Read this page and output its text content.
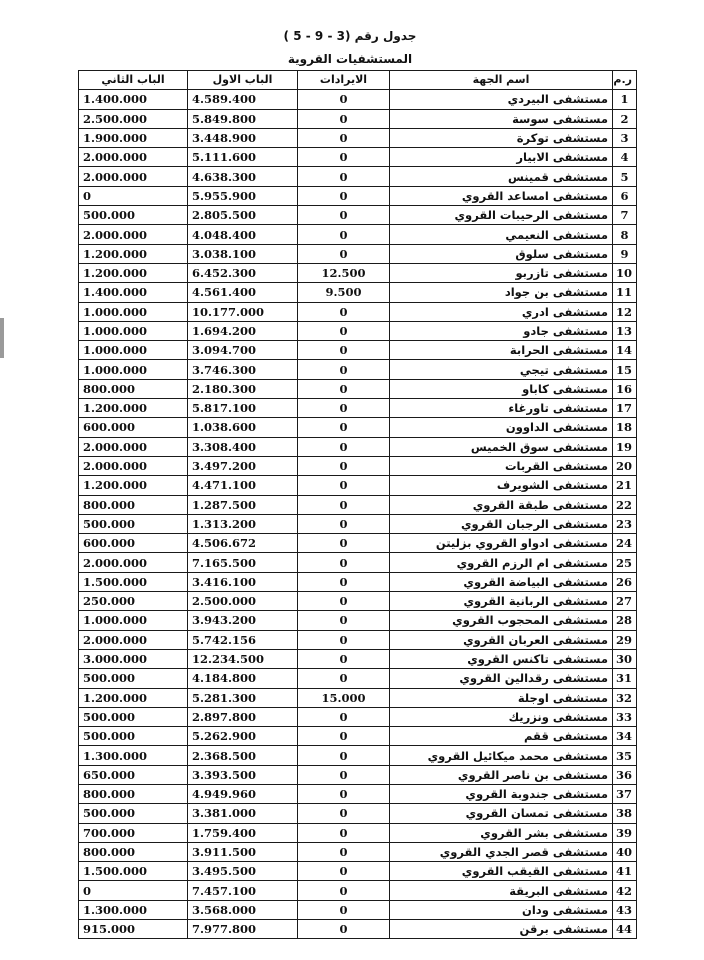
جدول رقم (3 - 9 - 5 )
المستشفيات القروية
ر.م	اسم الجهة	الايرادات	الباب الاول	الباب الثاني
1	مستشفى البيردي	0	4.589.400	1.400.000
2	مستشفى سوسة	0	5.849.800	2.500.000
3	مستشفى توكرة	0	3.448.900	1.900.000
4	مستشفى الابيار	0	5.111.600	2.000.000
5	مستشفى قمينس	0	4.638.300	2.000.000
6	مستشفى امساعد القروي	0	5.955.900	0
7	مستشفى الرحيبات القروي	0	2.805.500	500.000
8	مستشفى النعيمي	0	4.048.400	2.000.000
9	مستشفى سلوق	0	3.038.100	1.200.000
10	مستشفى تازربو	12.500	6.452.300	1.200.000
11	مستشفى بن جواد	9.500	4.561.400	1.400.000
12	مستشفى ادري	0	10.177.000	1.000.000
13	مستشفى جادو	0	1.694.200	1.000.000
14	مستشفى الحرابة	0	3.094.700	1.000.000
15	مستشفى تيجي	0	3.746.300	1.000.000
16	مستشفى كاباو	0	2.180.300	800.000
17	مستشفى تاورغاء	0	5.817.100	1.200.000
18	مستشفى الداوون	0	1.038.600	600.000
19	مستشفى سوق الخميس	0	3.308.400	2.000.000
20	مستشفى القربات	0	3.497.200	2.000.000
21	مستشفى الشويرف	0	4.471.100	1.200.000
22	مستشفى طبقة القروي	0	1.287.500	800.000
23	مستشفى الرجبان القروي	0	1.313.200	500.000
24	مستشفى ادواو القروي بزليتن	0	4.506.672	600.000
25	مستشفى ام الرزم القروي	0	7.165.500	2.000.000
26	مستشفى البياضة القروي	0	3.416.100	1.500.000
27	مستشفى الربانية القروي	0	2.500.000	250.000
28	مستشفى المحجوب القروي	0	3.943.200	1.000.000
29	مستشفى العربان القروي	0	5.742.156	2.000.000
30	مستشفى تاكنس القروي	0	12.234.500	3.000.000
31	مستشفى رقدالين القروي	0	4.184.800	500.000
32	مستشفى اوجلة	15.000	5.281.300	1.200.000
33	مستشفى ونزريك	0	2.897.800	500.000
34	مستشفى ققم	0	5.262.900	500.000
35	مستشفى محمد ميكائيل القروي	0	2.368.500	1.300.000
36	مستشفى بن ناصر القروي	0	3.393.500	650.000
37	مستشفى جندوبة القروي	0	4.949.960	800.000
38	مستشفى تمسان القروي	0	3.381.000	500.000
39	مستشفى بشر القروي	0	1.759.400	700.000
40	مستشفى قصر الجدي القروي	0	3.911.500	800.000
41	مستشفى القيقب القروي	0	3.495.500	1.500.000
42	مستشفى البريقة	0	7.457.100	0
43	مستشفى ودان	0	3.568.000	1.300.000
44	مستشفى برقن	0	7.977.800	915.000
